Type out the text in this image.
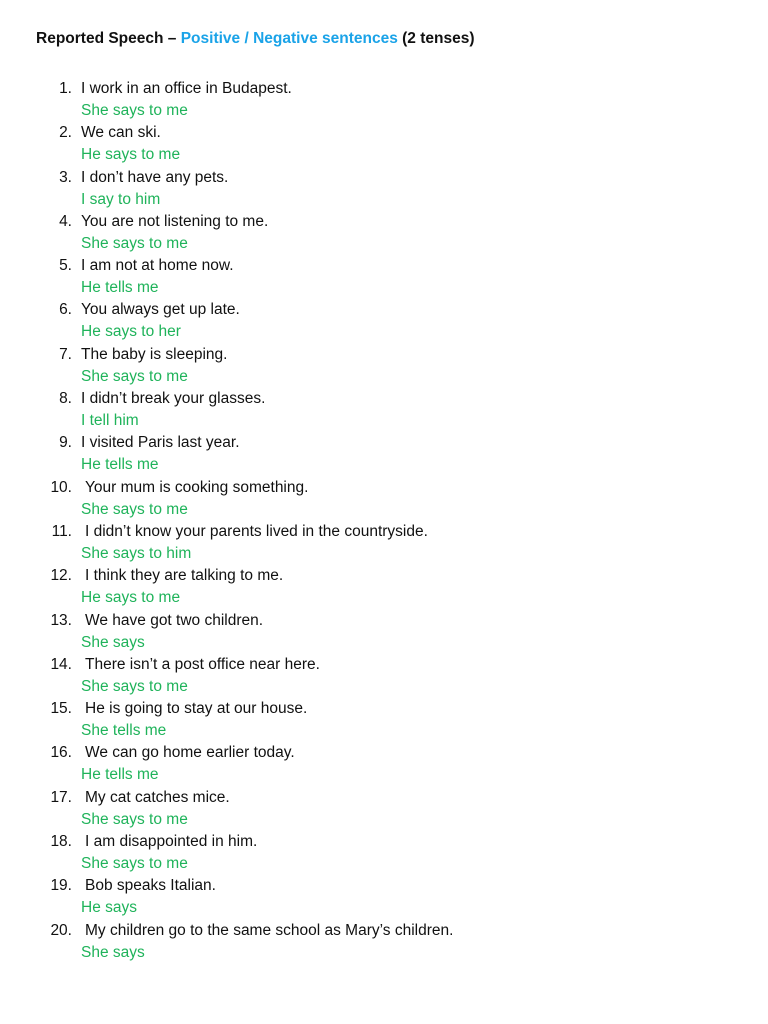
Reported Speech – Positive / Negative sentences (2 tenses)
1. I work in an office in Budapest.
She says to me
2. We can ski.
He says to me
3. I don’t have any pets.
I say to him
4. You are not listening to me.
She says to me
5. I am not at home now.
He tells me
6. You always get up late.
He says to her
7. The baby is sleeping.
She says to me
8. I didn’t break your glasses.
I tell him
9. I visited Paris last year.
He tells me
10. Your mum is cooking something.
She says to me
11. I didn’t know your parents lived in the countryside.
She says to him
12. I think they are talking to me.
He says to me
13. We have got two children.
She says
14. There isn’t a post office near here.
She says to me
15. He is going to stay at our house.
She tells me
16. We can go home earlier today.
He tells me
17. My cat catches mice.
She says to me
18. I am disappointed in him.
She says to me
19. Bob speaks Italian.
He says
20. My children go to the same school as Mary’s children.
She says
